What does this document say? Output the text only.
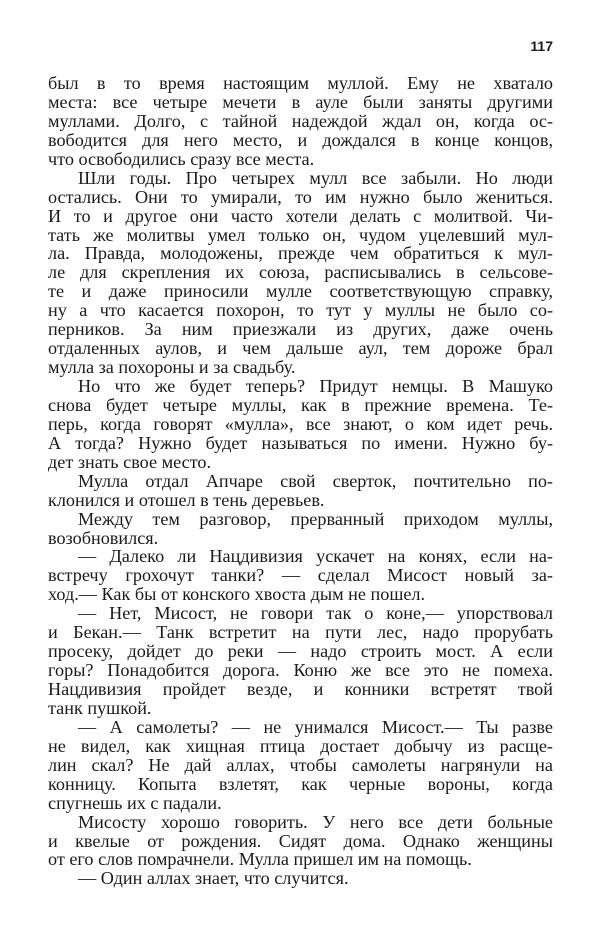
117
был в то время настоящим муллой. Ему не хватало
места: все четыре мечети в ауле были заняты другими
муллами. Долго, с тайной надеждой ждал он, когда ос-
вободится для него место, и дождался в конце концов,
что освободились сразу все места.
Шли годы. Про четырех мулл все забыли. Но люди
остались. Они то умирали, то им нужно было жениться.
И то и другое они часто хотели делать с молитвой. Чи-
тать же молитвы умел только он, чудом уцелевший мул-
ла. Правда, молодожены, прежде чем обратиться к мул-
ле для скрепления их союза, расписывались в сельсове-
те и даже приносили мулле соответствующую справку,
ну а что касается похорон, то тут у муллы не было со-
перников. За ним приезжали из других, даже очень
отдаленных аулов, и чем дальше аул, тем дороже брал
мулла за похороны и за свадьбу.
Но что же будет теперь? Придут немцы. В Машуко
снова будет четыре муллы, как в прежние времена. Те-
перь, когда говорят «мулла», все знают, о ком идет речь.
А тогда? Нужно будет называться по имени. Нужно бу-
дет знать свое место.
Мулла отдал Апчаре свой сверток, почтительно по-
клонился и отошел в тень деревьев.
Между тем разговор, прерванный приходом муллы,
возобновился.
— Далеко ли Нацдивизия ускачет на конях, если на-
встречу грохочут танки? — сделал Мисост новый за-
ход.— Как бы от конского хвоста дым не пошел.
— Нет, Мисост, не говори так о коне,— упорствовал
и Бекан.— Танк встретит на пути лес, надо прорубать
просеку, дойдет до реки — надо строить мост. А если
горы? Понадобится дорога. Коню же все это не помеха.
Нацдивизия пройдет везде, и конники встретят твой
танк пушкой.
— А самолеты? — не унимался Мисост.— Ты разве
не видел, как хищная птица достает добычу из расще-
лин скал? Не дай аллах, чтобы самолеты нагрянули на
конницу. Копыта взлетят, как черные вороны, когда
спугнешь их с падали.
Мисосту хорошо говорить. У него все дети больные
и квелые от рождения. Сидят дома. Однако женщины
от его слов помрачнели. Мулла пришел им на помощь.
— Один аллах знает, что случится.
